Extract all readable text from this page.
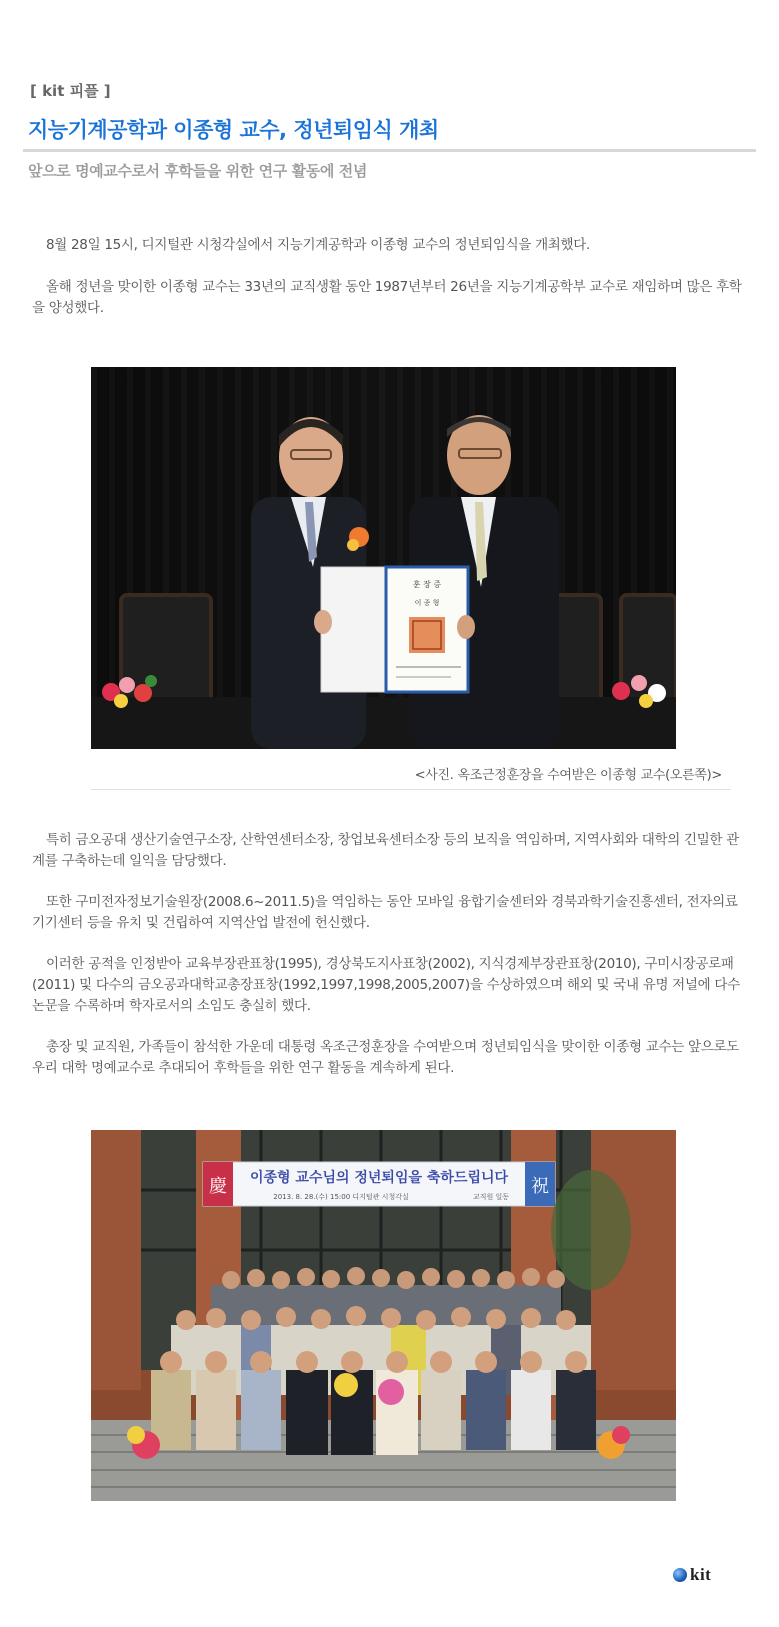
[ kit 피플 ]
지능기계공학과 이종형 교수, 정년퇴임식 개최
앞으로 명예교수로서 후학들을 위한 연구 활동에 전념

8월 28일 15시, 디지털관 시청각실에서 지능기계공학과 이종형 교수의 정년퇴임식을 개최했다.

올해 정년을 맞이한 이종형 교수는 33년의 교직생활 동안 1987년부터 26년을 지능기계공학부 교수로 재임하며 많은 후학을 양성했다.

훈 장 증
이 종 형
<사진. 옥조근정훈장을 수여받은 이종형 교수(오른쪽)>

특히 금오공대 생산기술연구소장, 산학연센터소장, 창업보육센터소장 등의 보직을 역임하며, 지역사회와 대학의 긴밀한 관계를 구축하는데 일익을 담당했다.

또한 구미전자정보기술원장(2008.6~2011.5)을 역임하는 동안 모바일 융합기술센터와 경북과학기술진흥센터, 전자의료기기센터 등을 유치 및 건립하여 지역산업 발전에 헌신했다.

이러한 공적을 인정받아 교육부장관표창(1995), 경상북도지사표창(2002), 지식경제부장관표창(2010), 구미시장공로패(2011) 및 다수의 금오공과대학교총장표창(1992,1997,1998,2005,2007)을 수상하였으며 해외 및 국내 유명 저널에 다수 논문을 수록하며 학자로서의 소임도 충실히 했다.

총장 및 교직원, 가족들이 참석한 가운데 대통령 옥조근정훈장을 수여받으며 정년퇴임식을 맞이한 이종형 교수는 앞으로도 우리 대학 명예교수로 추대되어 후학들을 위한 연구 활동을 계속하게 된다.

慶	祝
이종형 교수님의 정년퇴임을 축하드립니다
2013. 8. 28.(수) 15:00 디지털관 시청각실	교직원 일동
kit
